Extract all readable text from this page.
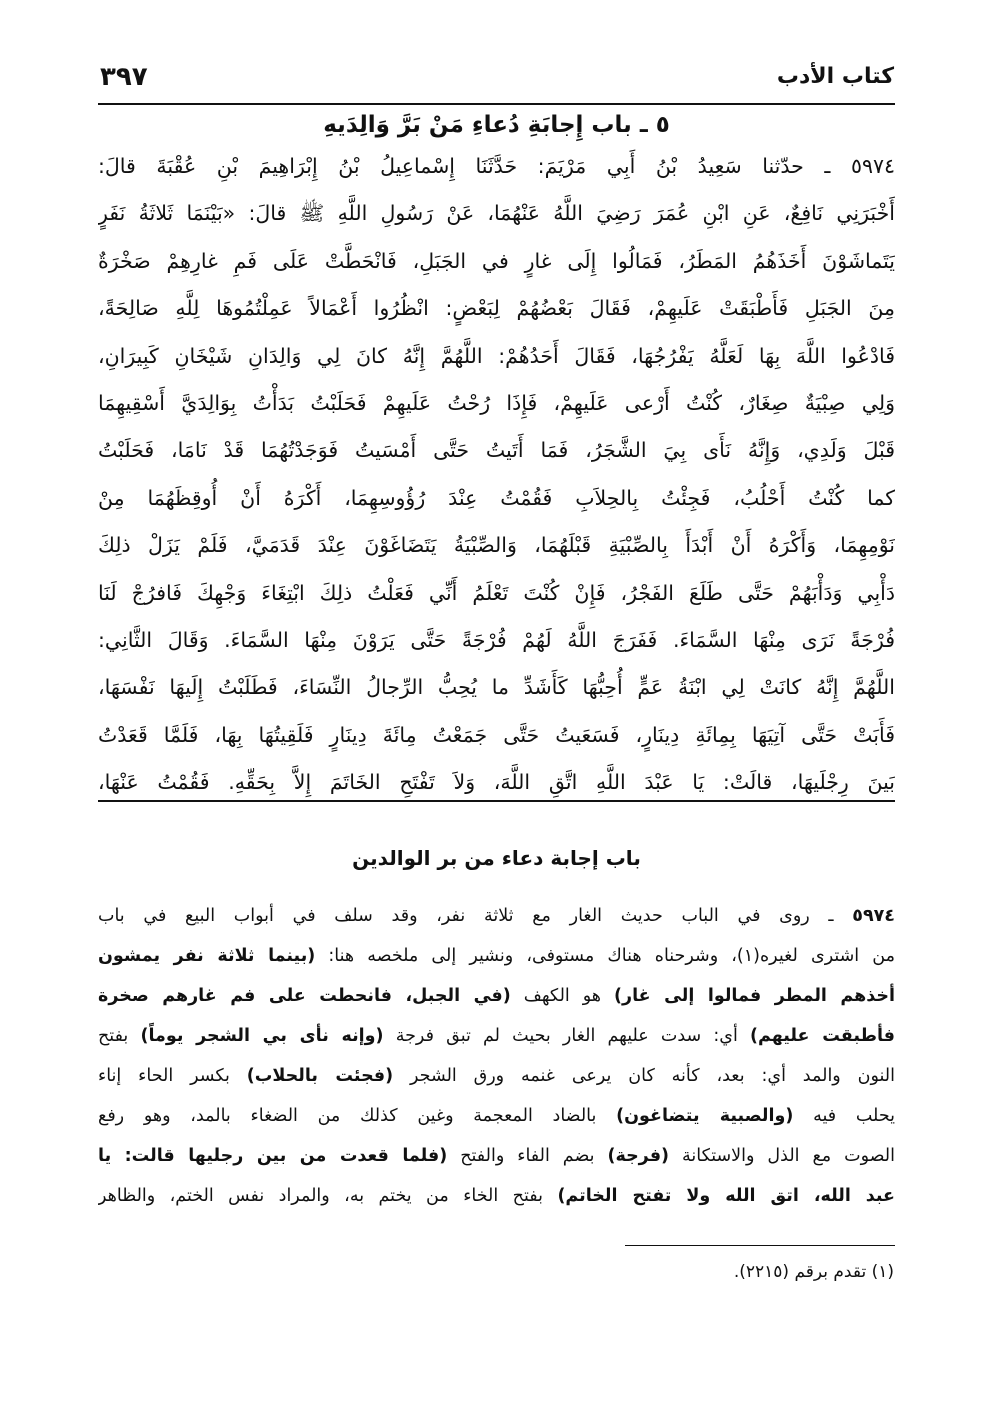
٣٩٧	كتاب الأدب
٥ ـ باب إِجابَةِ دُعاءِ مَنْ بَرَّ وَالِدَيهِ
٥٩٧٤ ـ حدّثنا سَعِيدُ بْنُ أَبِي مَرْيَمَ: حَدَّثَنَا إِسْماعِيلُ بْنُ إِبْرَاهِيمَ بْنِ عُقْبَةَ قالَ:
أَخْبَرَنِي نَافِعٌ، عَنِ ابْنِ عُمَرَ رَضِيَ اللَّهُ عَنْهُمَا، عَنْ رَسُولِ اللَّهِ ﷺ قالَ: «بَيْنَمَا ثَلاثَةُ نَفَرٍ
يَتَماشَوْنَ أَخَذَهُمُ المَطَرُ، فَمَالُوا إِلَى غارٍ في الجَبَلِ، فَانْحَطَّتْ عَلَى فَمِ غارِهِمْ صَخْرَةٌ
مِنَ الجَبَلِ فَأَطْبَقَتْ عَلَيهِمْ، فَقَالَ بَعْضُهُمْ لِبَعْضٍ: انْظُرُوا أَعْمَالاً عَمِلْتُمُوهَا لِلَّهِ صَالِحَةً،
فَادْعُوا اللَّهَ بِهَا لَعَلَّهُ يَفْرُجُهَا، فَقَالَ أَحَدُهُمْ: اللَّهُمَّ إِنَّهُ كانَ لِي وَالِدَانِ شَيْخَانِ كَبِيرَانِ،
وَلِي صِبْيَةٌ صِغَارٌ، كُنْتُ أَرْعى عَلَيهِمْ، فَإِذَا رُحْتُ عَلَيهِمْ فَحَلَبْتُ بَدَأْتُ بِوَالِدَيَّ أَسْقِيهِمَا
قَبْلَ وَلَدِي، وَإِنَّهُ نَأَى بِيَ الشَّجَرُ، فَمَا أَتَيتُ حَتَّى أَمْسَيتُ فَوَجَدْتُهُمَا قَدْ نَامَا، فَحَلَبْتُ
كما كُنْتُ أَحْلُبُ، فَجِئْتُ بِالحِلاَبِ فَقُمْتُ عِنْدَ رُؤُوسِهِمَا، أَكْرَهُ أَنْ أُوقِظَهُمَا مِنْ
نَوْمِهِمَا، وَأَكْرَهُ أَنْ أَبْدَأَ بِالصِّبْيَةِ قَبْلَهُمَا، وَالصِّبْيَةُ يَتَضَاغَوْنَ عِنْدَ قَدَمَيَّ، فَلَمْ يَزَلْ ذلِكَ
دَأْبِي وَدَأْبَهُمْ حَتَّى طَلَعَ الفَجْرُ، فَإِنْ كُنْتَ تَعْلَمُ أَنِّي فَعَلْتُ ذلِكَ ابْتِغَاءَ وَجْهِكَ فَافرُجْ لَنَا
فُرْجَةً نَرَى مِنْهَا السَّمَاءَ. فَفَرَجَ اللَّهُ لَهُمْ فُرْجَةً حَتَّى يَرَوْنَ مِنْهَا السَّمَاءَ. وَقَالَ الثَّانِي:
اللَّهُمَّ إِنَّهُ كانَتْ لِي ابْنَةُ عَمٍّ أُحِبُّهَا كَأَشَدِّ ما يُحِبُّ الرِّجالُ النِّسَاءَ، فَطَلَبْتُ إِلَيهَا نَفْسَهَا،
فَأَبَتْ حَتَّى آتِيَهَا بِمِائَةِ دِينَارٍ، فَسَعَيتُ حَتَّى جَمَعْتُ مِائَةَ دِينَارٍ فَلَقِيتُهَا بِهَا، فَلَمَّا قَعَدْتُ
بَينَ رِجْلَيهَا، قالَتْ: يَا عَبْدَ اللَّهِ اتَّقِ اللَّهَ، وَلاَ تَفْتَحِ الخَاتَمَ إِلاَّ بِحَقِّهِ. فَقُمْتُ عَنْهَا،
باب إجابة دعاء من بر الوالدين
٥٩٧٤ ـ روى في الباب حديث الغار مع ثلاثة نفر، وقد سلف في أبواب البيع في باب
من اشترى لغيره(١)، وشرحناه هناك مستوفى، ونشير إلى ملخصه هنا: (بينما ثلاثة نفر يمشون
أخذهم المطر فمالوا إلى غار) هو الكهف (في الجبل، فانحطت على فم غارهم صخرة
فأطبقت عليهم) أي: سدت عليهم الغار بحيث لم تبق فرجة (وإنه نأى بي الشجر يوماً) بفتح
النون والمد أي: بعد، كأنه كان يرعى غنمه ورق الشجر (فجئت بالحلاب) بكسر الحاء إناء
يحلب فيه (والصبية يتضاغون) بالضاد المعجمة وغين كذلك من الضغاء بالمد، وهو رفع
الصوت مع الذل والاستكانة (فرجة) بضم الفاء والفتح (فلما قعدت من بين رجليها قالت: يا
عبد الله، اتق الله ولا تفتح الخاتم) بفتح الخاء من يختم به، والمراد نفس الختم، والظاهر
(١) تقدم برقم (٢٢١٥).
